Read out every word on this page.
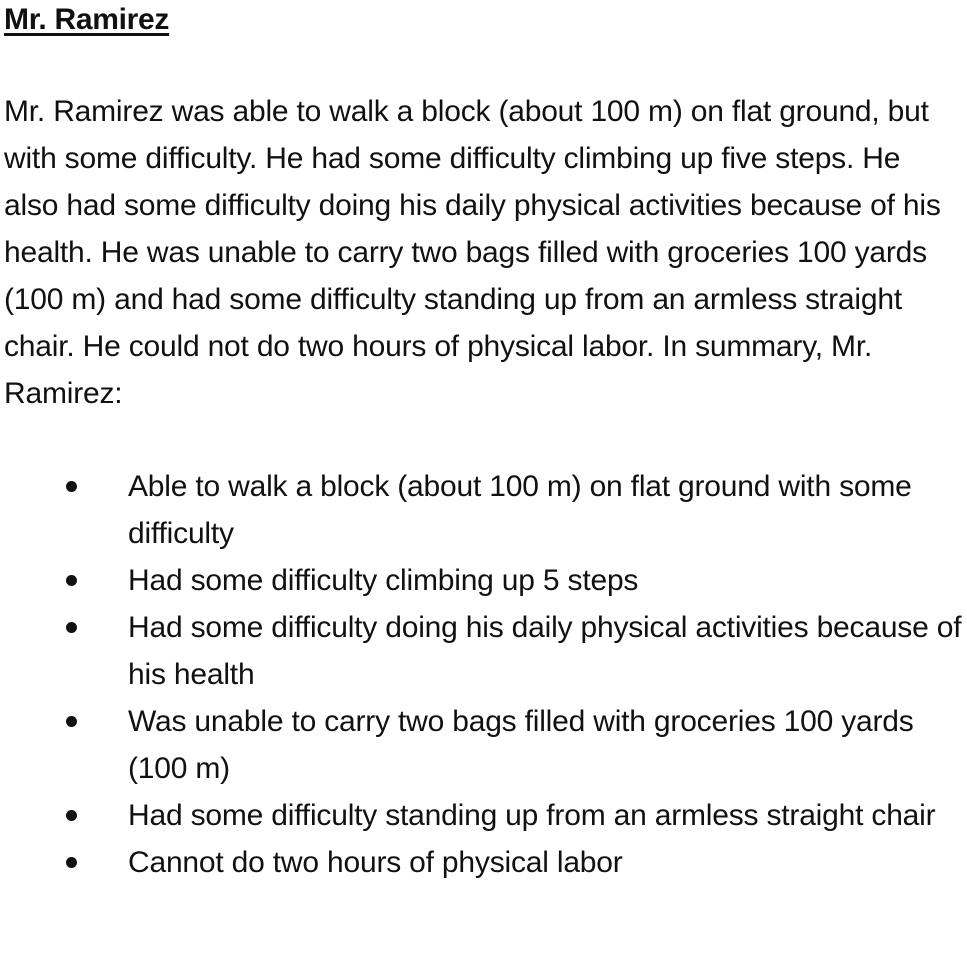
Mr. Ramirez

Mr. Ramirez was able to walk a block (about 100 m) on flat ground, but with some difficulty. He had some difficulty climbing up five steps. He also had some difficulty doing his daily physical activities because of his health. He was unable to carry two bags filled with groceries 100 yards (100 m) and had some difficulty standing up from an armless straight chair. He could not do two hours of physical labor. In summary, Mr. Ramirez:

Able to walk a block (about 100 m) on flat ground with some difficulty
Had some difficulty climbing up 5 steps
Had some difficulty doing his daily physical activities because of his health
Was unable to carry two bags filled with groceries 100 yards (100 m)
Had some difficulty standing up from an armless straight chair
Cannot do two hours of physical labor
